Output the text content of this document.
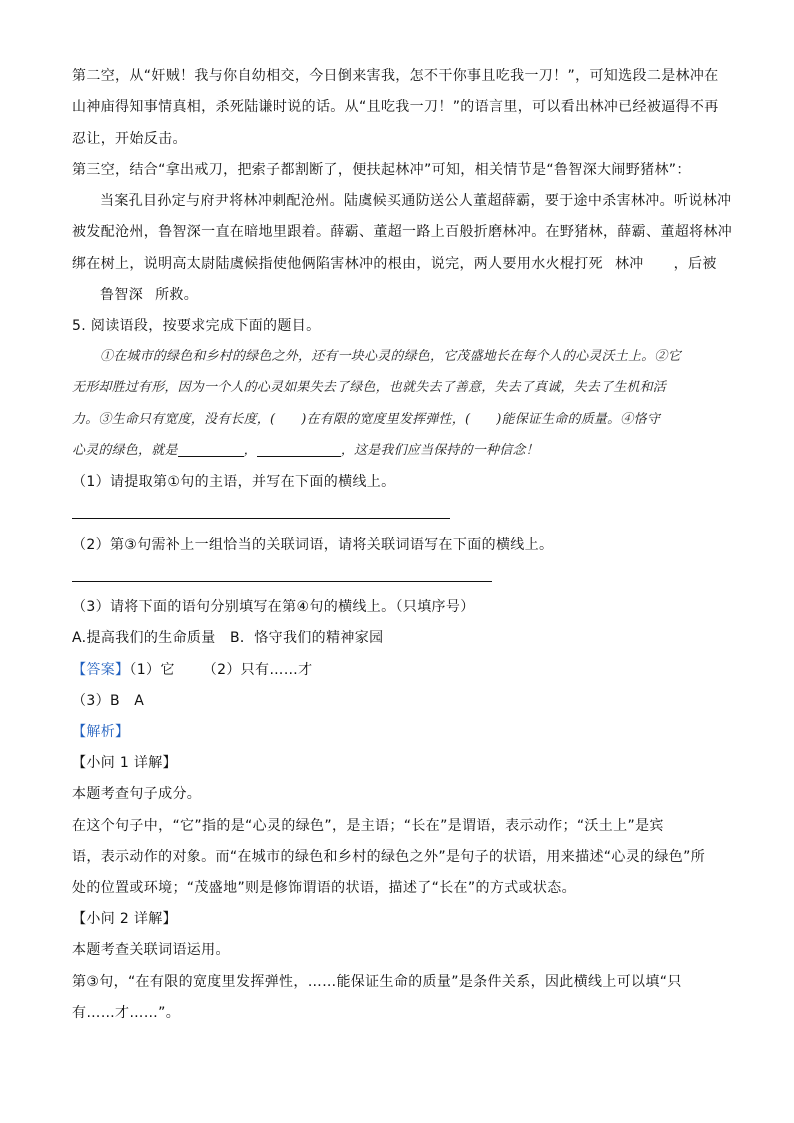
第二空，从“奸贼！我与你自幼相交，今日倒来害我，怎不干你事且吃我一刀！”，可知选段二是林冲在
山神庙得知事情真相，杀死陆谦时说的话。从“且吃我一刀！”的语言里，可以看出林冲已经被逼得不再
忍让，开始反击。
第三空，结合“拿出戒刀，把索子都割断了，便扶起林冲”可知，相关情节是“鲁智深大闹野猪林”：
当案孔目孙定与府尹将林冲刺配沧州。陆虞候买通防送公人董超薛霸，要于途中杀害林冲。听说林冲
被发配沧州，鲁智深一直在暗地里跟着。薛霸、董超一路上百般折磨林冲。在野猪林，薛霸、董超将林冲
绑在树上，说明高太尉陆虞候指使他俩陷害林冲的根由，说完，两人要用水火棍打死 林冲 ，后被
鲁智深 所救。
5. 阅读语段，按要求完成下面的题目。
①在城市的绿色和乡村的绿色之外，还有一块心灵的绿色，它茂盛地长在每个人的心灵沃土上。②它
无形却胜过有形，因为一个人的心灵如果失去了绿色，也就失去了善意，失去了真诚，失去了生机和活
力。③生命只有宽度，没有长度，( )在有限的宽度里发挥弹性，( )能保证生命的质量。④恪守
心灵的绿色，就是	，	，这是我们应当保持的一种信念！
（1）请提取第①句的主语，并写在下面的横线上。
（2）第③句需补上一组恰当的关联词语，请将关联词语写在下面的横线上。
（3）请将下面的语句分别填写在第④句的横线上。（只填序号）
A.提高我们的生命质量　B．恪守我们的精神家园
【答案】（1）它 （2）只有……才
（3）B　A
【解析】
【小问 1 详解】
本题考查句子成分。
在这个句子中，“它”指的是“心灵的绿色”，是主语；“长在”是谓语，表示动作；“沃土上”是宾
语，表示动作的对象。而“在城市的绿色和乡村的绿色之外”是句子的状语，用来描述“心灵的绿色”所
处的位置或环境；“茂盛地”则是修饰谓语的状语，描述了“长在”的方式或状态。
【小问 2 详解】
本题考查关联词语运用。
第③句，“在有限的宽度里发挥弹性，……能保证生命的质量”是条件关系，因此横线上可以填“只
有……才……”。
